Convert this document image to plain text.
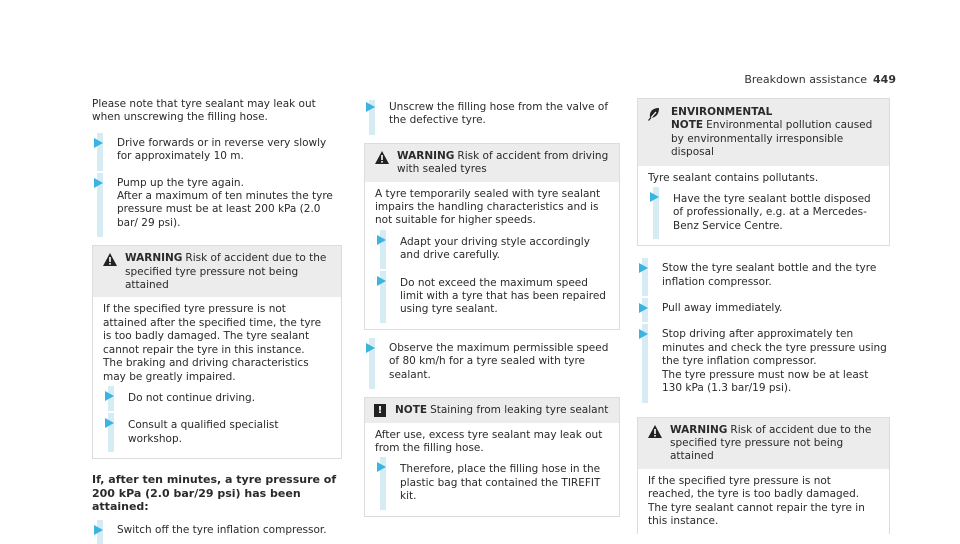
Breakdown assistance 449

Please note that tyre sealant may leak out when unscrewing the filling hose.

Drive forwards or in reverse very slowly for approximately 10 m.

Pump up the tyre again.

After a maximum of ten minutes the tyre pressure must be at least 200 kPa (2.0 bar/ 29 psi).

WARNING Risk of accident due to the specified tyre pressure not being attained

If the specified tyre pressure is not attained after the specified time, the tyre is too badly damaged. The tyre sealant cannot repair the tyre in this instance.

The braking and driving characteristics may be greatly impaired.

Do not continue driving.

Consult a qualified specialist workshop.

If, after ten minutes, a tyre pressure of 200 kPa (2.0 bar/29 psi) has been attained:

Switch off the tyre inflation compressor.

Unscrew the filling hose from the valve of the defective tyre.

WARNING Risk of accident from driving with sealed tyres

A tyre temporarily sealed with tyre sealant impairs the handling characteristics and is not suitable for higher speeds.

Adapt your driving style accordingly and drive carefully.

Do not exceed the maximum speed limit with a tyre that has been repaired using tyre sealant.

Observe the maximum permissible speed of 80 km/h for a tyre sealed with tyre sealant.

!	NOTE Staining from leaking tyre sealant

After use, excess tyre sealant may leak out from the filling hose.

Therefore, place the filling hose in the plastic bag that contained the TIREFIT kit.

ENVIRONMENTAL NOTE Environmental pollution caused by environmentally irresponsible disposal

Tyre sealant contains pollutants.

Have the tyre sealant bottle disposed of professionally, e.g. at a Mercedes-Benz Service Centre.

Stow the tyre sealant bottle and the tyre inflation compressor.

Pull away immediately.

Stop driving after approximately ten minutes and check the tyre pressure using the tyre inflation compressor.

The tyre pressure must now be at least 130 kPa (1.3 bar/19 psi).

WARNING Risk of accident due to the specified tyre pressure not being attained

If the specified tyre pressure is not reached, the tyre is too badly damaged. The tyre sealant cannot repair the tyre in this instance.
